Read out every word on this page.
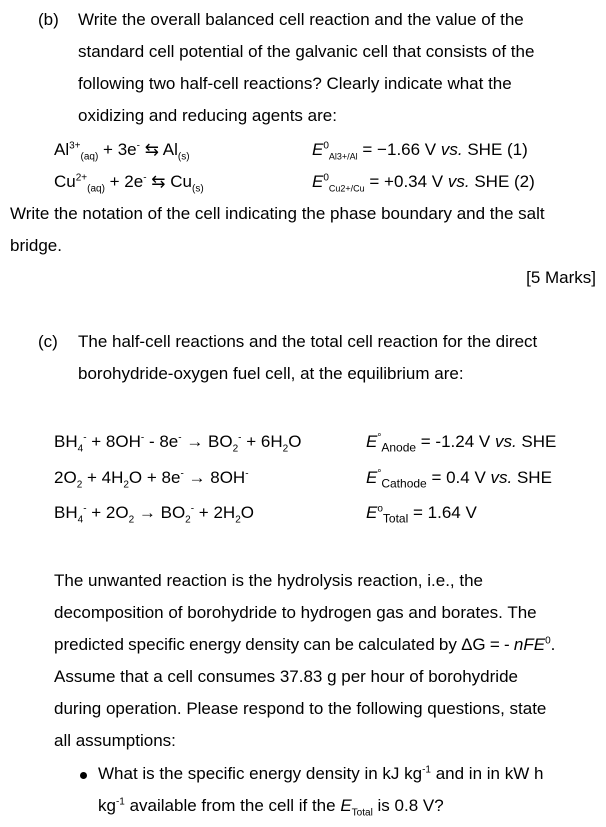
(b) Write the overall balanced cell reaction and the value of the
standard cell potential of the galvanic cell that consists of the
following two half-cell reactions? Clearly indicate what the
oxidizing and reducing agents are:
$Al^{3+}_{(aq)} + 3e^-$ ⇆ $Al_{(s)}$	$E^0_{Al3+/Al} = -1.66$ V vs. SHE (1)
$Cu^{2+}_{(aq)} + 2e^-$ ⇆ $Cu_{(s)}$	$E^0_{Cu2+/Cu} = +0.34$ V vs. SHE (2)
Write the notation of the cell indicating the phase boundary and the salt
bridge.
[5 Marks]
(c) The half-cell reactions and the total cell reaction for the direct
borohydride-oxygen fuel cell, at the equilibrium are:
$BH_4^- + 8OH^- - 8e^- \to BO_2^- + 6H_2O$
$2O_2 + 4H_2O + 8e^- \to 8OH^-$
$BH_4^- + 2O_2 \to BO_2^- + 2H_2O$
$E^\circ_{Anode} = -1.24$ V vs. SHE
$E^\circ_{Cathode} = 0.4$ V vs. SHE
$E^o_{Total} = 1.64$ V
The unwanted reaction is the hydrolysis reaction, i.e., the
decomposition of borohydride to hydrogen gas and borates. The
predicted specific energy density can be calculated by ΔG = - nFE$^0$.
Assume that a cell consumes 37.83 g per hour of borohydride
during operation. Please respond to the following questions, state
all assumptions:
What is the specific energy density in kJ $kg^{-1}$ and in in kW h
$kg^{-1}$ available from the cell if the $E_{Total}$ is 0.8 V?
